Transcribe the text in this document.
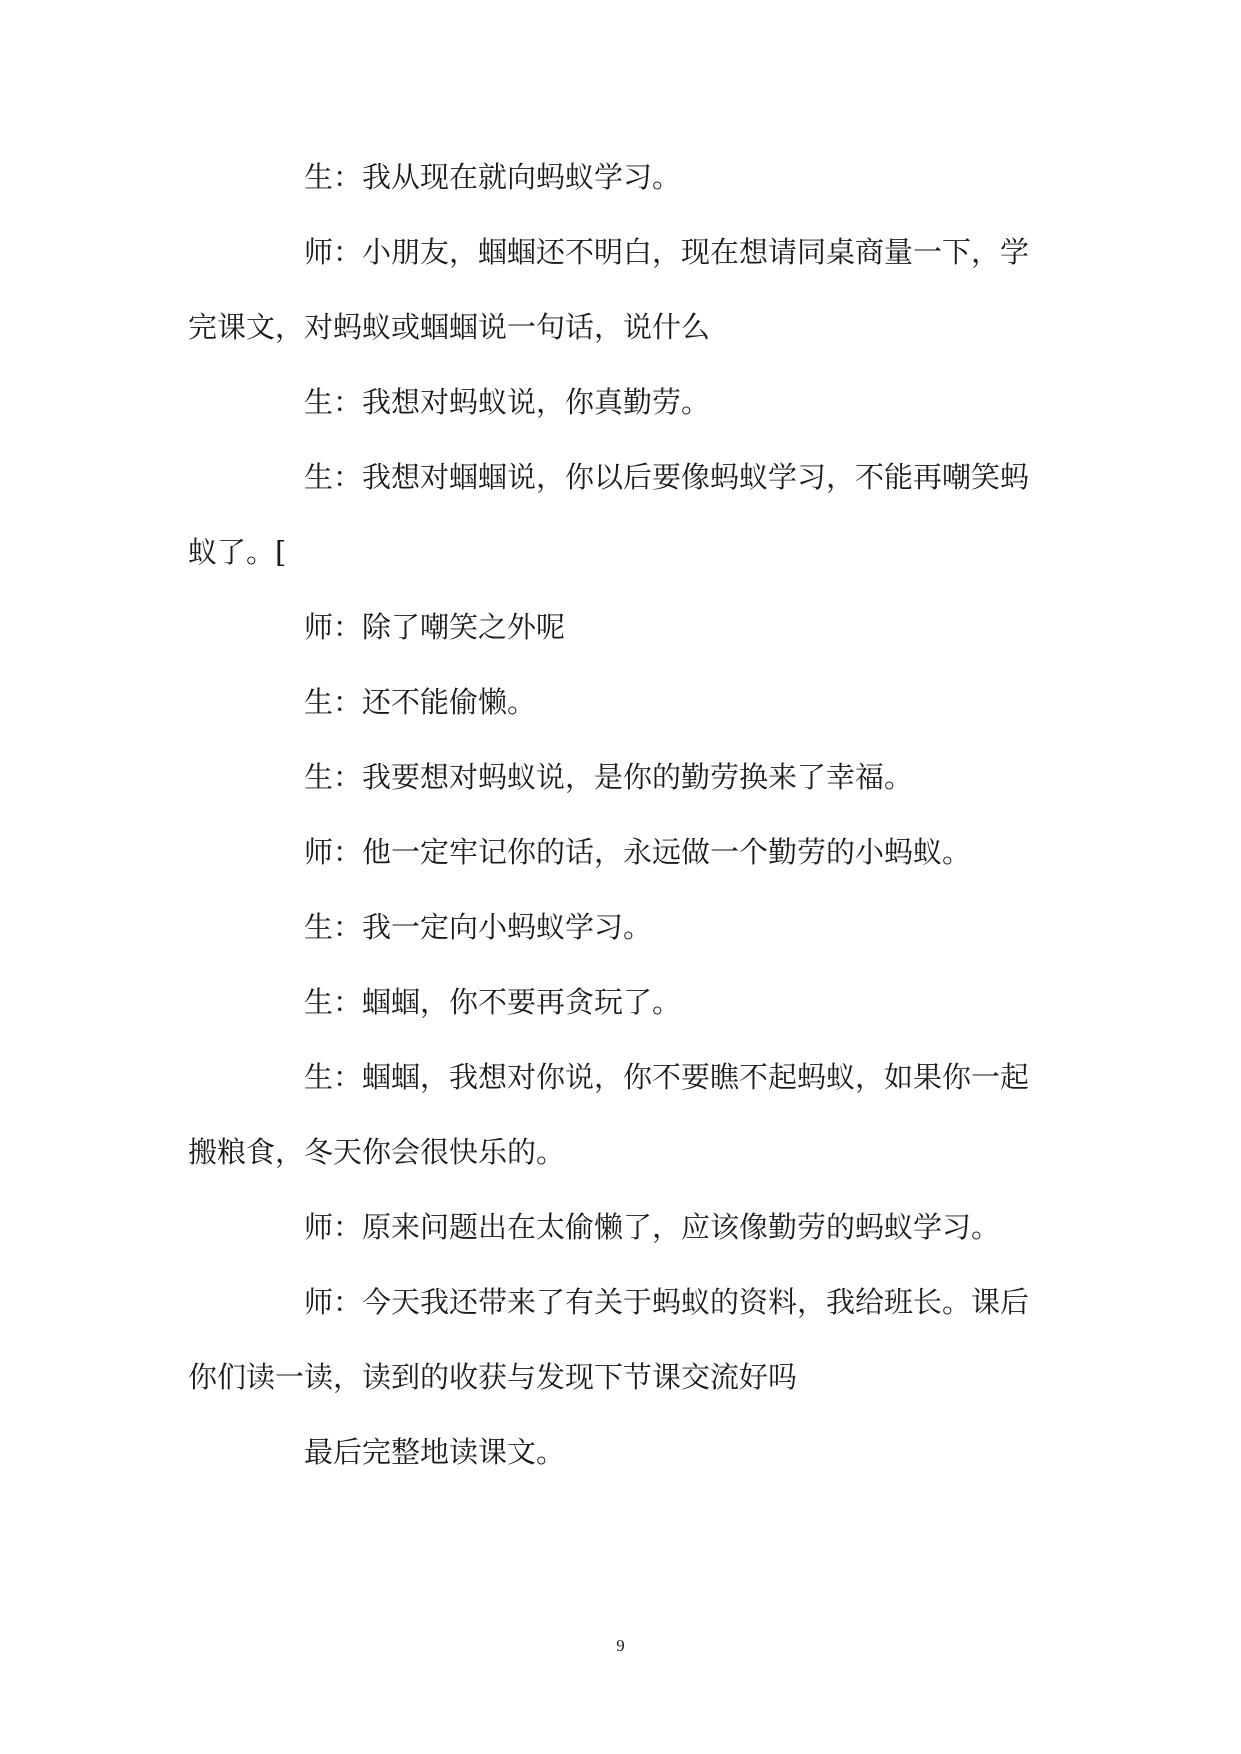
生：我从现在就向蚂蚁学习。

师：小朋友，蝈蝈还不明白，现在想请同桌商量一下，学完课文，对蚂蚁或蝈蝈说一句话，说什么

生：我想对蚂蚁说，你真勤劳。

生：我想对蝈蝈说，你以后要像蚂蚁学习，不能再嘲笑蚂蚁了。[

师：除了嘲笑之外呢

生：还不能偷懒。

生：我要想对蚂蚁说，是你的勤劳换来了幸福。

师：他一定牢记你的话，永远做一个勤劳的小蚂蚁。

生：我一定向小蚂蚁学习。

生：蝈蝈，你不要再贪玩了。

生：蝈蝈，我想对你说，你不要瞧不起蚂蚁，如果你一起搬粮食，冬天你会很快乐的。

师：原来问题出在太偷懒了，应该像勤劳的蚂蚁学习。

师：今天我还带来了有关于蚂蚁的资料，我给班长。课后你们读一读，读到的收获与发现下节课交流好吗

最后完整地读课文。

9
